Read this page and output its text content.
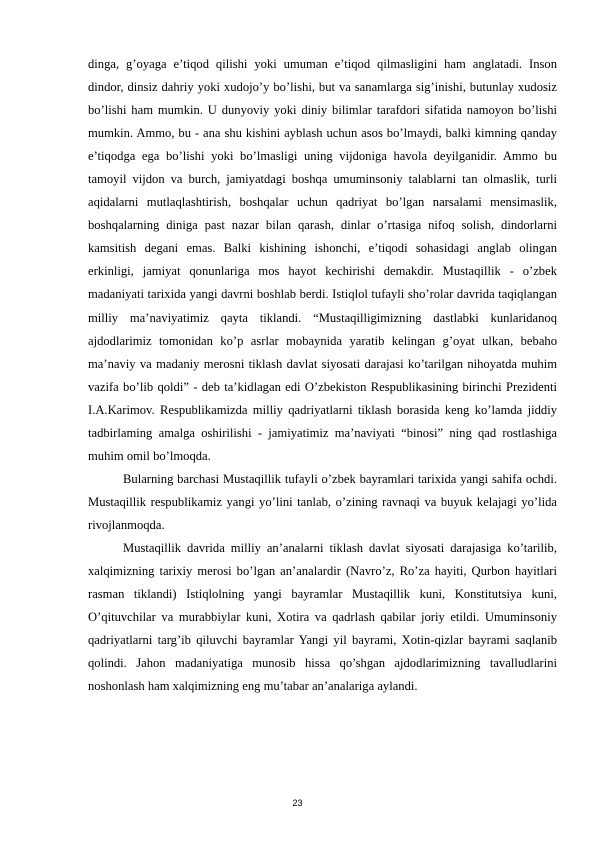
dinga, g’oyaga e’tiqod qilishi yoki umuman e’tiqod qilmasligini ham anglatadi. Inson dindor, dinsiz dahriy yoki xudojo’y bo’lishi, but va sanamlarga sig’inishi, butunlay xudosiz bo’lishi ham mumkin. U dunyoviy yoki diniy bilimlar tarafdori sifatida namoyon bo’lishi mumkin. Ammo, bu - ana shu kishini ayblash uchun asos bo’lmaydi, balki kimning qanday e’tiqodga ega bo’lishi yoki bo’lmasligi uning vijdoniga havola deyilganidir. Ammo bu tamoyil vijdon va burch, jamiyatdagi boshqa umuminsoniy talablarni tan olmaslik, turli aqidalarni mutlaqlashtirish, boshqalar uchun qadriyat bo’lgan narsalami mensimaslik, boshqalarning diniga past nazar bilan qarash, dinlar o’rtasiga nifoq solish, dindorlarni kamsitish degani emas. Balki kishining ishonchi, e’tiqodi sohasidagi anglab olingan erkinligi, jamiyat qonunlariga mos hayot kechirishi demakdir. Mustaqillik - o’zbek madaniyati tarixida yangi davrni boshlab berdi. Istiqlol tufayli sho’rolar davrida taqiqlangan milliy ma’naviyatimiz qayta tiklandi. “Mustaqilligimizning dastlabki kunlaridanoq ajdodlarimiz tomonidan ko’p asrlar mobaynida yaratib kelingan g’oyat ulkan, bebaho ma’naviy va madaniy merosni tiklash davlat siyosati darajasi ko’tarilgan nihoyatda muhim vazifa bo’lib qoldi” - deb ta’kidlagan edi O’zbekiston Respublikasining birinchi Prezidenti I.A.Karimov. Respublikamizda milliy qadriyatlarni tiklash borasida keng ko’lamda jiddiy tadbirlaming amalga oshirilishi - jamiyatimiz ma’naviyati “binosi” ning qad rostlashiga muhim omil bo’lmoqda.

Bularning barchasi Mustaqillik tufayli o’zbek bayramlari tarixida yangi sahifa ochdi. Mustaqillik respublikamiz yangi yo’lini tanlab, o’zining ravnaqi va buyuk kelajagi yo’lida rivojlanmoqda.

Mustaqillik davrida milliy an’analarni tiklash davlat siyosati darajasiga ko’tarilib, xalqimizning tarixiy merosi bo’lgan an’analardir (Navro’z, Ro’za hayiti, Qurbon hayitlari rasman tiklandi) Istiqlolning yangi bayramlar Mustaqillik kuni, Konstitutsiya kuni, O’qituvchilar va murabbiylar kuni, Xotira va qadrlash qabilar joriy etildi. Umuminsoniy qadriyatlarni targ’ib qiluvchi bayramlar Yangi yil bayrami, Xotin-qizlar bayrami saqlanib qolindi. Jahon madaniyatiga munosib hissa qo’shgan ajdodlarimizning tavalludlarini noshonlash ham xalqimizning eng mu’tabar an’analariga aylandi.

23
